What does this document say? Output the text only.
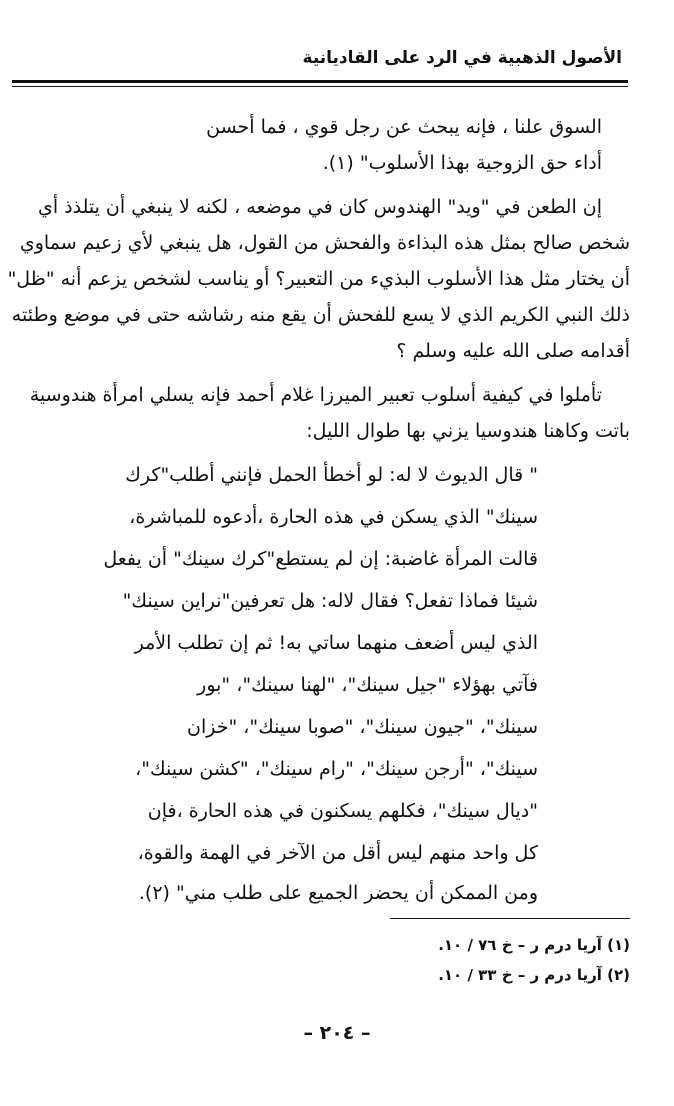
الأصول الذهبية في الرد على القاديانية
السوق علنا ، فإنه يبحث عن رجل قوي ، فما أحسن
أداء حق الزوجية بهذا الأسلوب" (١).
إن الطعن في "ويد" الهندوس كان في موضعه ، لكنه لا ينبغي أن يتلذذ أي
شخص صالح بمثل هذه البذاءة والفحش من القول، هل ينبغي لأي زعيم سماوي
أن يختار مثل هذا الأسلوب البذيء من التعبير؟ أو يناسب لشخص يزعم أنه "ظل"
ذلك النبي الكريم الذي لا يسع للفحش أن يقع منه رشاشه حتى في موضع وطئته
أقدامه صلى الله عليه وسلم ؟
تأملوا في كيفية أسلوب تعبير الميرزا غلام أحمد فإنه يسلي امرأة هندوسية
باتت وكاهنا هندوسيا يزني بها طوال الليل:
" قال الديوث لا له: لو أخطأ الحمل فإنني أطلب"كرك
سينك" الذي يسكن في هذه الحارة ،أدعوه للمباشرة،
قالت المرأة غاضبة: إن لم يستطع"كرك سينك" أن يفعل
شيئا فماذا تفعل؟ فقال لاله: هل تعرفين"نراين سينك"
الذي ليس أضعف منهما ساتي به! ثم إن تطلب الأمر
فآتي بهؤلاء "جيل سينك"، "لهنا سينك"، "بور
سينك"، "جيون سينك"، "صوبا سينك"، "خزان
سينك"، "أرجن سينك"، "رام سينك"، "كشن سينك"،
"ديال سينك"، فكلهم يسكنون في هذه الحارة ،فإن
كل واحد منهم ليس أقل من الآخر في الهمة والقوة،
ومن الممكن أن يحضر الجميع على طلب مني" (٢).
(١) آريا درم ر – خ ٧٦ / ١٠.
(٢) آريا درم ر – خ ٣٣ / ١٠.
– ٢٠٤ –
